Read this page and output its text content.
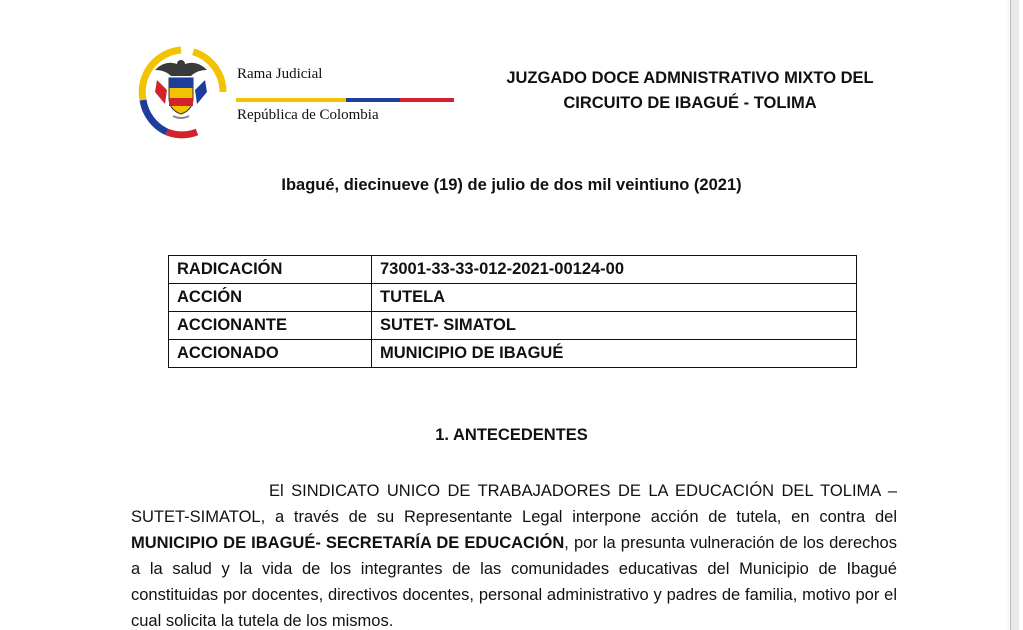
Rama Judicial
República de Colombia
JUZGADO DOCE ADMNISTRATIVO MIXTO DEL
CIRCUITO DE IBAGUÉ - TOLIMA
Ibagué, diecinueve (19) de julio de dos mil veintiuno (2021)
RADICACIÓN	73001-33-33-012-2021-00124-00
ACCIÓN	TUTELA
ACCIONANTE	SUTET- SIMATOL
ACCIONADO	MUNICIPIO DE IBAGUÉ
1. ANTECEDENTES
El SINDICATO UNICO DE TRABAJADORES DE LA EDUCACIÓN DEL TOLIMA – SUTET-SIMATOL, a través de su Representante Legal interpone acción de tutela, en contra del MUNICIPIO DE IBAGUÉ- SECRETARÍA DE EDUCACIÓN, por la presunta vulneración de los derechos a la salud y la vida de los integrantes de las comunidades educativas del Municipio de Ibagué constituidas por docentes, directivos docentes, personal administrativo y padres de familia, motivo por el cual solicita la tutela de los mismos.
